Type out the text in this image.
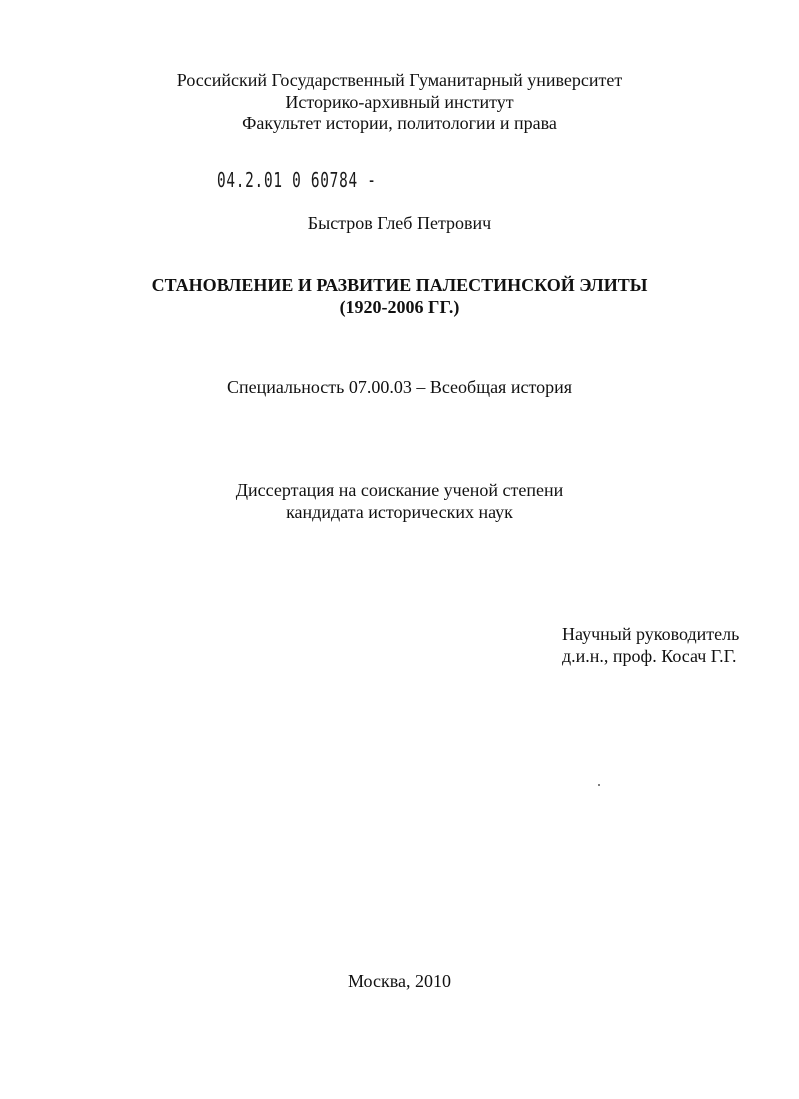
Российский Государственный Гуманитарный университет
Историко-архивный институт
Факультет истории, политологии и права
04.2.01 0 60784 -
Быстров Глеб Петрович
СТАНОВЛЕНИЕ И РАЗВИТИЕ ПАЛЕСТИНСКОЙ ЭЛИТЫ
(1920-2006 ГГ.)
Специальность 07.00.03 – Всеобщая история
Диссертация на соискание ученой степени
кандидата исторических наук
Научный руководитель
д.и.н., проф. Косач Г.Г.
Москва, 2010
